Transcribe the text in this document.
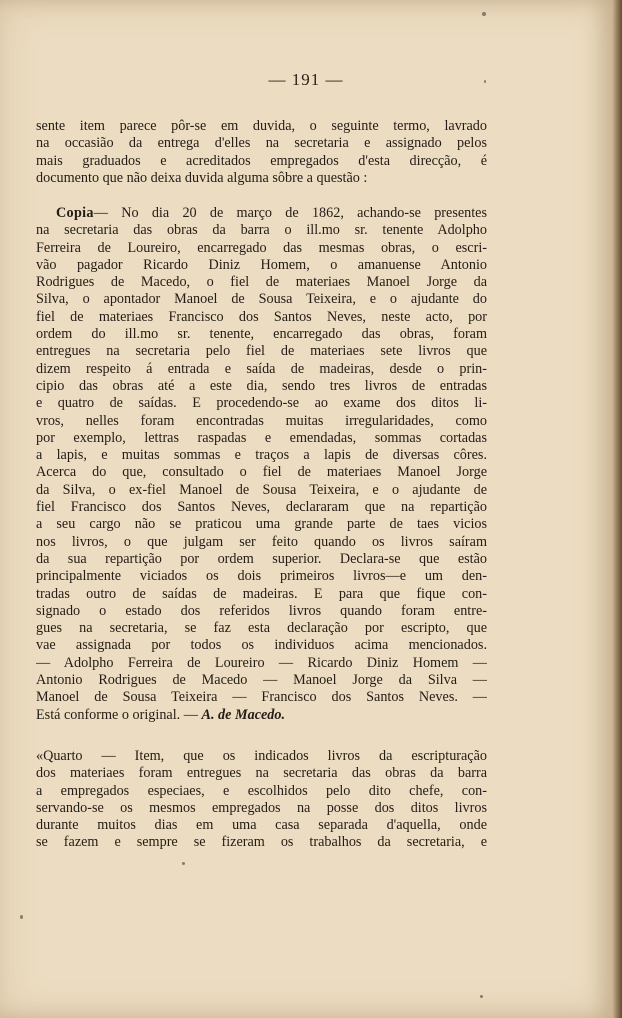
— 191 —
sente item parece pôr-se em duvida, o seguinte termo, lavrado
na occasião da entrega d'elles na secretaria e assignado pelos
mais graduados e acreditados empregados d'esta direcção, é
documento que não deixa duvida alguma sôbre a questão :
Copia— No dia 20 de março de 1862, achando-se presentes
na secretaria das obras da barra o ill.mo sr. tenente Adolpho
Ferreira de Loureiro, encarregado das mesmas obras, o escri-
vão pagador Ricardo Diniz Homem, o amanuense Antonio
Rodrigues de Macedo, o fiel de materiaes Manoel Jorge da
Silva, o apontador Manoel de Sousa Teixeira, e o ajudante do
fiel de materiaes Francisco dos Santos Neves, neste acto, por
ordem do ill.mo sr. tenente, encarregado das obras, foram
entregues na secretaria pelo fiel de materiaes sete livros que
dizem respeito á entrada e saída de madeiras, desde o prin-
cipio das obras até a este dia, sendo tres livros de entradas
e quatro de saídas. E procedendo-se ao exame dos ditos li-
vros, nelles foram encontradas muitas irregularidades, como
por exemplo, lettras raspadas e emendadas, sommas cortadas
a lapis, e muitas sommas e traços a lapis de diversas côres.
Acerca do que, consultado o fiel de materiaes Manoel Jorge
da Silva, o ex-fiel Manoel de Sousa Teixeira, e o ajudante de
fiel Francisco dos Santos Neves, declararam que na repartição
a seu cargo não se praticou uma grande parte de taes vicios
nos livros, o que julgam ser feito quando os livros saíram
da sua repartição por ordem superior. Declara-se que estão
principalmente viciados os dois primeiros livros—e um den-
tradas outro de saídas de madeiras. E para que fique con-
signado o estado dos referidos livros quando foram entre-
gues na secretaria, se faz esta declaração por escripto, que
vae assignada por todos os individuos acima mencionados.
— Adolpho Ferreira de Loureiro — Ricardo Diniz Homem —
Antonio Rodrigues de Macedo — Manoel Jorge da Silva —
Manoel de Sousa Teixeira — Francisco dos Santos Neves. —
Está conforme o original. — A. de Macedo.
«Quarto — Item, que os indicados livros da escripturação
dos materiaes foram entregues na secretaria das obras da barra
a empregados especiaes, e escolhidos pelo dito chefe, con-
servando-se os mesmos empregados na posse dos ditos livros
durante muitos dias em uma casa separada d'aquella, onde
se fazem e sempre se fizeram os trabalhos da secretaria, e
